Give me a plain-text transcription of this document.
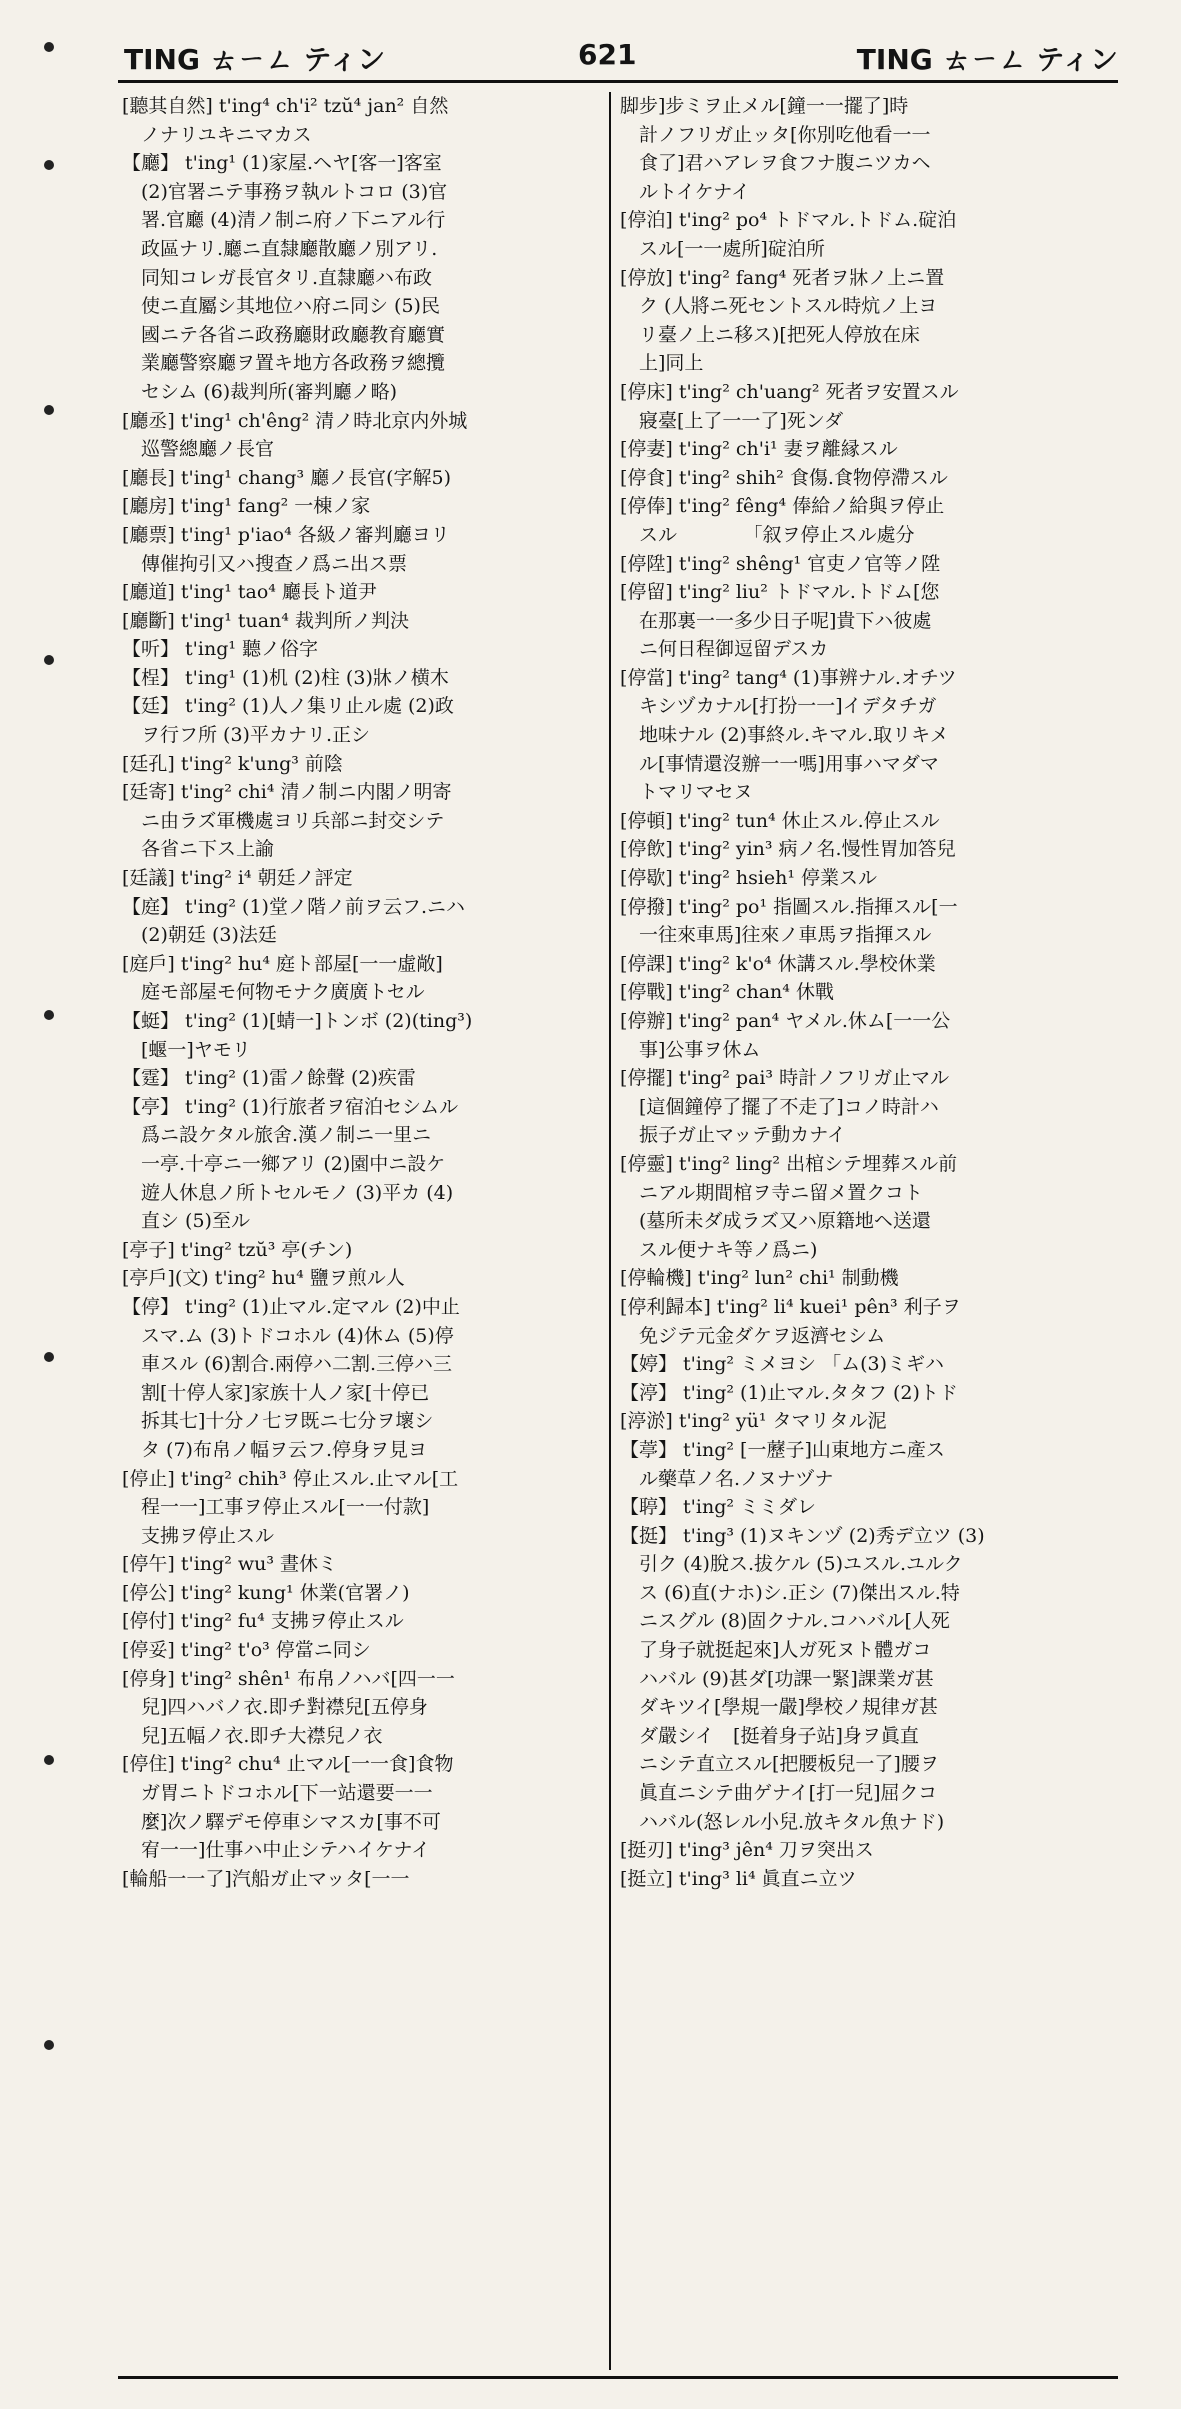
TING ㄊㄧㄥ ティン	621	TING ㄊㄧㄥ ティン
[聽其自然] t'ing⁴ ch'i² tzŭ⁴ jan² 自然
　ノナリユキニマカス
【廳】 t'ing¹ (1)家屋.ヘヤ[客一]客室
　(2)官署ニテ事務ヲ執ルトコロ (3)官
　署.官廳 (4)清ノ制ニ府ノ下ニアル行
　政區ナリ.廳ニ直隸廳散廳ノ別アリ.
　同知コレガ長官タリ.直隸廳ハ布政
　使ニ直屬シ其地位ハ府ニ同シ (5)民
　國ニテ各省ニ政務廳財政廳教育廳實
　業廳警察廳ヲ置キ地方各政務ヲ總攬
　セシム (6)裁判所(審判廳ノ略)
[廳丞] t'ing¹ ch'êng² 清ノ時北京内外城
　巡警總廳ノ長官
[廳長] t'ing¹ chang³ 廳ノ長官(字解5)
[廳房] t'ing¹ fang² 一棟ノ家
[廳票] t'ing¹ p'iao⁴ 各級ノ審判廳ヨリ
　傳催拘引又ハ搜查ノ爲ニ出ス票
[廳道] t'ing¹ tao⁴ 廳長ト道尹
[廳斷] t'ing¹ tuan⁴ 裁判所ノ判決
【听】 t'ing¹ 聽ノ俗字
【桯】 t'ing¹ (1)机 (2)柱 (3)牀ノ横木
【廷】 t'ing² (1)人ノ集リ止ル處 (2)政
　ヲ行フ所 (3)平カナリ.正シ
[廷孔] t'ing² k'ung³ 前陰
[廷寄] t'ing² chi⁴ 清ノ制ニ内閣ノ明寄
　ニ由ラズ軍機處ヨリ兵部ニ封交シテ
　各省ニ下ス上諭
[廷議] t'ing² i⁴ 朝廷ノ評定
【庭】 t'ing² (1)堂ノ階ノ前ヲ云フ.ニハ
　(2)朝廷 (3)法廷
[庭戶] t'ing² hu⁴ 庭ト部屋[一一虛敞]
　庭モ部屋モ何物モナク廣廣トセル
【蜓】 t'ing² (1)[蜻一]トンボ (2)(ting³)
　[蝘一]ヤモリ
【霆】 t'ing² (1)雷ノ餘聲 (2)疾雷
【亭】 t'ing² (1)行旅者ヲ宿泊セシムル
　爲ニ設ケタル旅舍.漢ノ制ニ一里ニ
　一亭.十亭ニ一鄉アリ (2)園中ニ設ケ
　遊人休息ノ所トセルモノ (3)平カ (4)
　直シ (5)至ル
[亭子] t'ing² tzŭ³ 亭(チン)
[亭戶](文) t'ing² hu⁴ 鹽ヲ煎ル人
【停】 t'ing² (1)止マル.定マル (2)中止
　スマ.ム (3)トドコホル (4)休ム (5)停
　車スル (6)割合.兩停ハ二割.三停ハ三
　割[十停人家]家族十人ノ家[十停已
　拆其七]十分ノ七ヲ既ニ七分ヲ壞シ
　タ (7)布帛ノ幅ヲ云フ.停身ヲ見ヨ
[停止] t'ing² chih³ 停止スル.止マル[工
　程一一]工事ヲ停止スル[一一付款]
　支拂ヲ停止スル
[停午] t'ing² wu³ 晝休ミ
[停公] t'ing² kung¹ 休業(官署ノ)
[停付] t'ing² fu⁴ 支拂ヲ停止スル
[停妥] t'ing² t'o³ 停當ニ同シ
[停身] t'ing² shên¹ 布帛ノハバ[四一一
　兒]四ハバノ衣.即チ對襟兒[五停身
　兒]五幅ノ衣.即チ大襟兒ノ衣
[停住] t'ing² chu⁴ 止マル[一一食]食物
　ガ胃ニトドコホル[下一站還要一一
　麼]次ノ驛デモ停車シマスカ[事不可
　宥一一]仕事ハ中止シテハイケナイ
[輪船一一了]汽船ガ止マッタ[一一
脚步]步ミヲ止メル[鐘一一擺了]時
　計ノフリガ止ッタ[你別吃他看一一
　食了]君ハアレヲ食フナ腹ニツカヘ
　ルトイケナイ
[停泊] t'ing² po⁴ トドマル.トドム.碇泊
　スル[一一處所]碇泊所
[停放] t'ing² fang⁴ 死者ヲ牀ノ上ニ置
　ク (人將ニ死セントスル時炕ノ上ヨ
　リ臺ノ上ニ移ス)[把死人停放在床
　上]同上
[停床] t'ing² ch'uang² 死者ヲ安置スル
　寢臺[上了一一了]死ンダ
[停妻] t'ing² ch'i¹ 妻ヲ離縁スル
[停食] t'ing² shih² 食傷.食物停滯スル
[停俸] t'ing² fêng⁴ 俸給ノ給與ヲ停止
　スル　　　　「叙ヲ停止スル處分
[停陞] t'ing² shêng¹ 官吏ノ官等ノ陞
[停留] t'ing² liu² トドマル.トドム[您
　在那裏一一多少日子呢]貴下ハ彼處
　ニ何日程御逗留デスカ
[停當] t'ing² tang⁴ (1)事辨ナル.オチツ
　キシヅカナル[打扮一一]イデタチガ
　地味ナル (2)事終ル.キマル.取リキメ
　ル[事情還沒辦一一嗎]用事ハマダマ
　トマリマセヌ
[停頓] t'ing² tun⁴ 休止スル.停止スル
[停飲] t'ing² yin³ 病ノ名.慢性胃加答兒
[停歇] t'ing² hsieh¹ 停業スル
[停撥] t'ing² po¹ 指圖スル.指揮スル[一
　一往來車馬]往來ノ車馬ヲ指揮スル
[停課] t'ing² k'o⁴ 休講スル.學校休業
[停戰] t'ing² chan⁴ 休戰
[停辦] t'ing² pan⁴ ヤメル.休ム[一一公
　事]公事ヲ休ム
[停擺] t'ing² pai³ 時計ノフリガ止マル
　[這個鐘停了擺了不走了]コノ時計ハ
　振子ガ止マッテ動カナイ
[停靈] t'ing² ling² 出棺シテ埋葬スル前
　ニアル期間棺ヲ寺ニ留メ置クコト
　(墓所未ダ成ラズ又ハ原籍地ヘ送還
　スル便ナキ等ノ爲ニ)
[停輪機] t'ing² lun² chi¹ 制動機
[停利歸本] t'ing² li⁴ kuei¹ pên³ 利子ヲ
　免ジテ元金ダケヲ返濟セシム
【婷】 t'ing² ミメヨシ 「ム(3)ミギハ
【渟】 t'ing² (1)止マル.タタフ (2)トド
[渟淤] t'ing² yü¹ タマリタル泥
【葶】 t'ing² [一藶子]山東地方ニ產ス
　ル藥草ノ名.ノヌナヅナ
【聤】 t'ing² ミミダレ
【挺】 t'ing³ (1)ヌキンヅ (2)秀デ立ツ (3)
　引ク (4)脫ス.拔ケル (5)ユスル.ユルク
　ス (6)直(ナホ)シ.正シ (7)傑出スル.特
　ニスグル (8)固クナル.コハバル[人死
　了身子就挺起來]人ガ死ヌト體ガコ
　ハバル (9)甚ダ[功課一緊]課業ガ甚
　ダキツイ[學規一嚴]學校ノ規律ガ甚
　ダ嚴シイ　[挺着身子站]身ヲ眞直
　ニシテ直立スル[把腰板兒一了]腰ヲ
　眞直ニシテ曲ゲナイ[打一兒]屈クコ
　ハバル(怒レル小兒.放キタル魚ナド)
[挺刃] t'ing³ jên⁴ 刀ヲ突出ス
[挺立] t'ing³ li⁴ 眞直ニ立ツ
